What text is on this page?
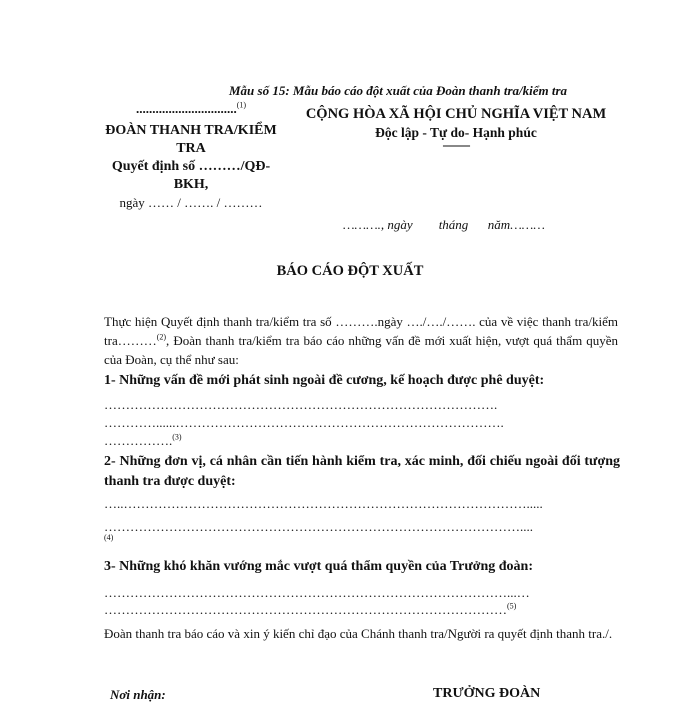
Mẫu số 15: Mẫu báo cáo đột xuất của Đoàn thanh tra/kiểm tra
...............................$^{(1)}$
ĐOÀN THANH TRA/KIỂM
TRA
Quyết định số ………/QĐ-
BKH,
ngày …… / ……. / ………
CỘNG HÒA XÃ HỘI CHỦ NGHĨA VIỆT NAM
Độc lập - Tự do- Hạnh phúc
---------
………., ngày        tháng      năm………
BÁO CÁO ĐỘT XUẤT
Thực hiện Quyết định thanh tra/kiểm tra số ……….ngày …./…./……. của về việc thanh tra/kiểm tra………$^{(2)}$, Đoàn thanh tra/kiểm tra báo cáo những vấn đề mới xuất hiện, vượt quá thẩm quyền của Đoàn, cụ thể như sau:
1- Những vấn đề mới phát sinh ngoài đề cương, kế hoạch được phê duyệt:
……………………………………………………………………………….
…………......………………………………………………………………….
…………….$^{(3)}$
2- Những đơn vị, cá nhân cần tiến hành kiểm tra, xác minh, đối chiếu ngoài đối tượng thanh tra được duyệt:
…..………………………………………………………………………………….....
……………………………………………………………………………………....
(4)
3- Những khó khăn vướng mắc vượt quá thẩm quyền của Trưởng đoàn:
…………………………………………………………………………………...…
…………………………………………………………………………………$^{(5)}$
Đoàn thanh tra báo cáo và xin ý kiến chỉ đạo của Chánh thanh tra/Người ra quyết định thanh tra./.
Nơi nhận:	TRƯỞNG ĐOÀN
